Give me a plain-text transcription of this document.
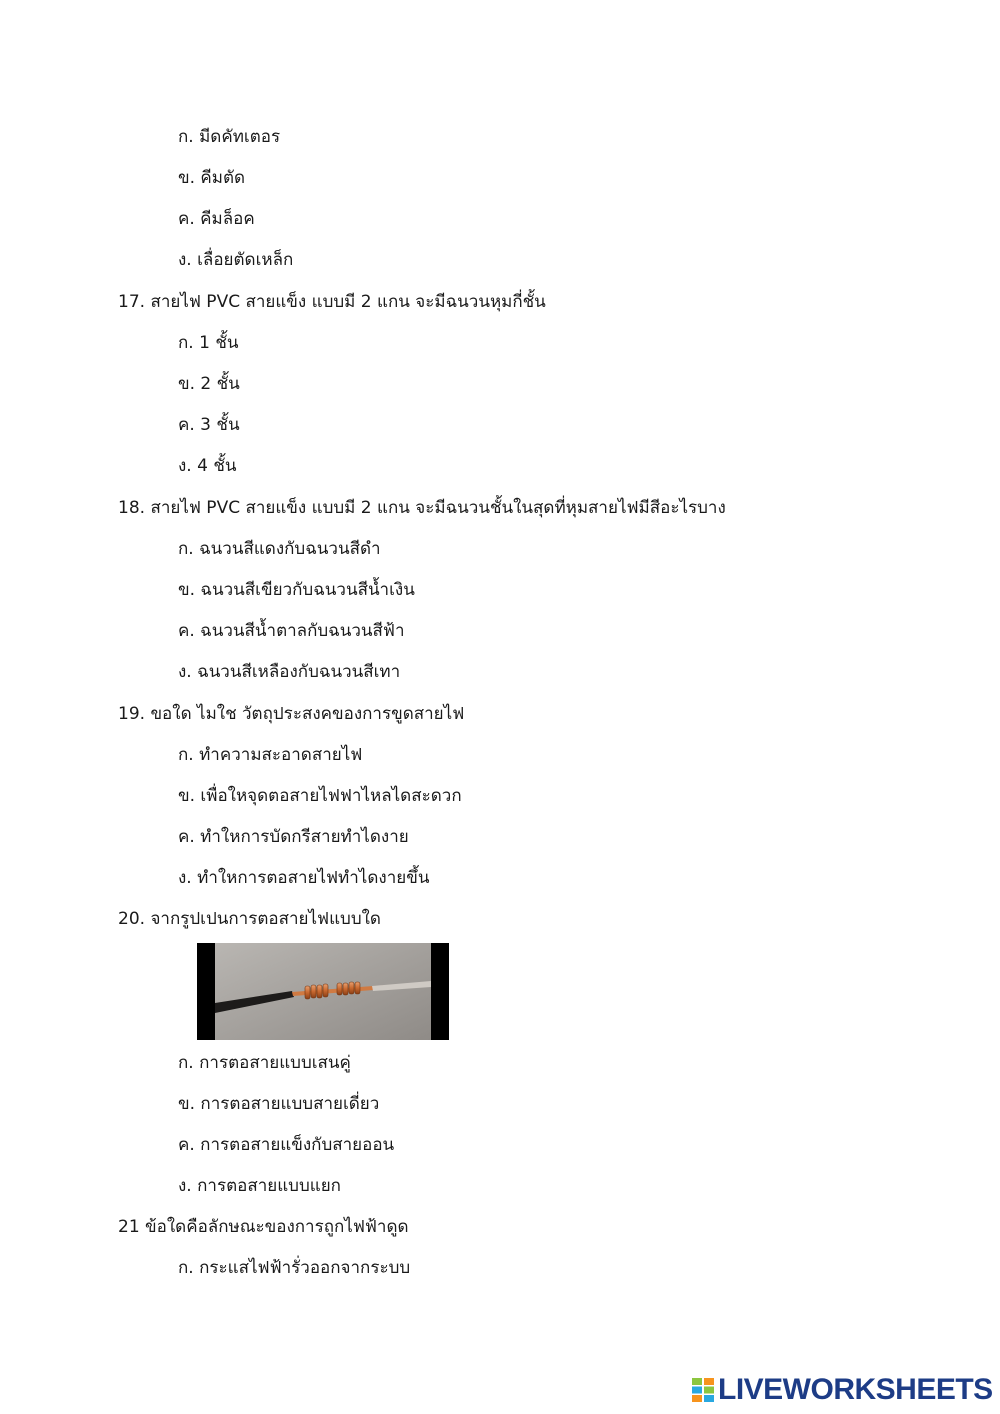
ก. มีดคัทเตอร
ข. คีมตัด
ค. คีมล็อค
ง. เลื่อยตัดเหล็ก
17. สายไฟ PVC สายแข็ง แบบมี 2 แกน จะมีฉนวนหุมกี่ชั้น
ก. 1 ชั้น
ข. 2 ชั้น
ค. 3 ชั้น
ง. 4 ชั้น
18. สายไฟ PVC สายแข็ง แบบมี 2 แกน จะมีฉนวนชั้นในสุดที่หุมสายไฟมีสีอะไรบาง
ก. ฉนวนสีแดงกับฉนวนสีดำ
ข. ฉนวนสีเขียวกับฉนวนสีน้ำเงิน
ค. ฉนวนสีน้ำตาลกับฉนวนสีฟ้า
ง. ฉนวนสีเหลืองกับฉนวนสีเทา
19. ขอใด ไมใช วัตถุประสงคของการขูดสายไฟ
ก. ทำความสะอาดสายไฟ
ข. เพื่อใหจุดตอสายไฟฟาไหลไดสะดวก
ค. ทำใหการบัดกรีสายทำไดงาย
ง. ทำใหการตอสายไฟทำไดงายขึ้น
20. จากรูปเปนการตอสายไฟแบบใด
ก. การตอสายแบบเสนคู่
ข. การตอสายแบบสายเดี่ยว
ค. การตอสายแข็งกับสายออน
ง. การตอสายแบบแยก
21 ข้อใดคือลักษณะของการถูกไฟฟ้าดูด
ก. กระแสไฟฟ้ารั่วออกจากระบบ
LIVEWORKSHEETS
